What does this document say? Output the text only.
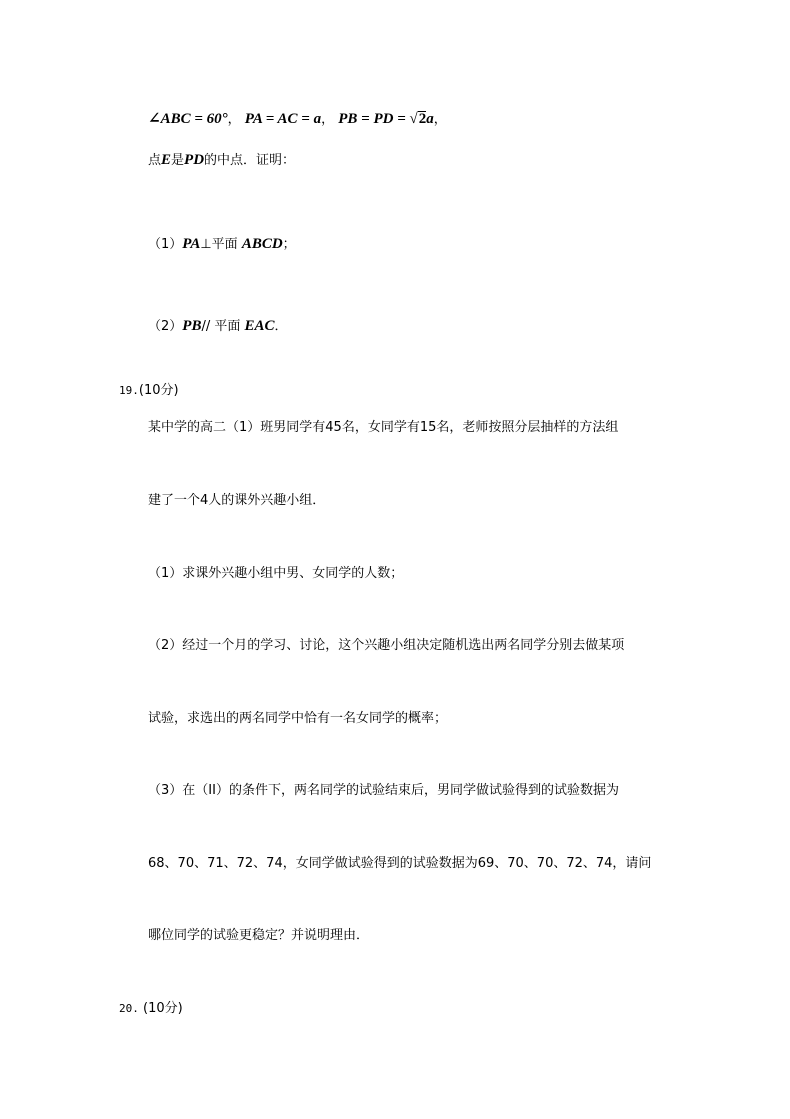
∠ABC = 60°， PA = AC = a， PB = PD = √2a，
点E是PD的中点．证明：
（1）PA⊥平面 ABCD；
（2）PB// 平面 EAC．
19.(10分)
某中学的高二（1）班男同学有45名，女同学有15名，老师按照分层抽样的方法组
建了一个4人的课外兴趣小组．
（1）求课外兴趣小组中男、女同学的人数；
（2）经过一个月的学习、讨论，这个兴趣小组决定随机选出两名同学分别去做某项
试验，求选出的两名同学中恰有一名女同学的概率；
（3）在（II）的条件下，两名同学的试验结束后，男同学做试验得到的试验数据为
68、70、71、72、74，女同学做试验得到的试验数据为69、70、70、72、74，请问
哪位同学的试验更稳定？并说明理由．
20. (10分)
